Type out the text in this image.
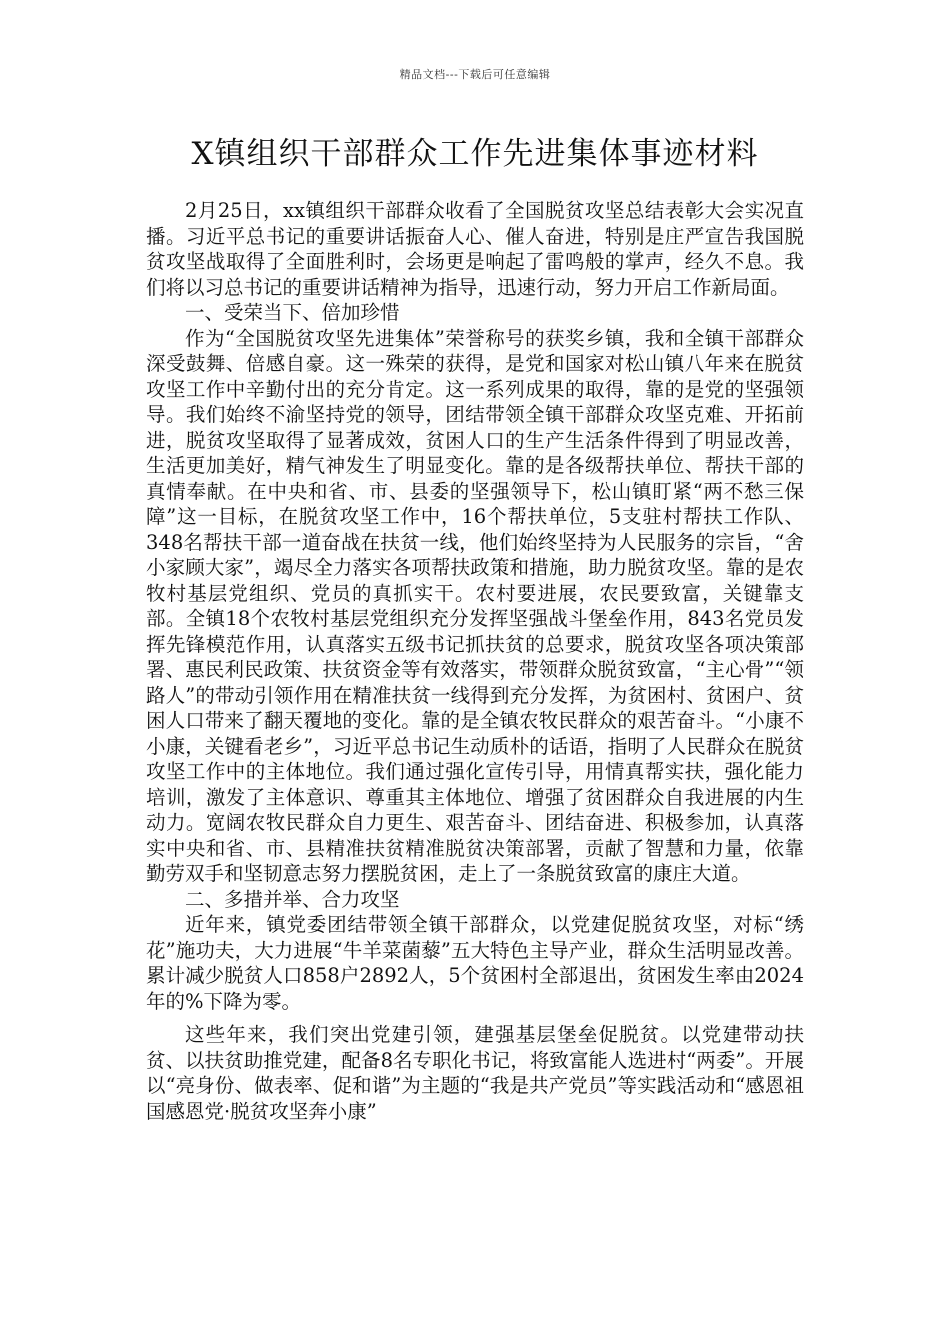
精品文档---下载后可任意编辑
X镇组织干部群众工作先进集体事迹材料

2月25日，xx镇组织干部群众收看了全国脱贫攻坚总结表彰大会实况直播。习近平总书记的重要讲话振奋人心、催人奋进，特别是庄严宣告我国脱贫攻坚战取得了全面胜利时，会场更是响起了雷鸣般的掌声，经久不息。我们将以习总书记的重要讲话精神为指导，迅速行动，努力开启工作新局面。

一、受荣当下、倍加珍惜

作为“全国脱贫攻坚先进集体”荣誉称号的获奖乡镇，我和全镇干部群众深受鼓舞、倍感自豪。这一殊荣的获得，是党和国家对松山镇八年来在脱贫攻坚工作中辛勤付出的充分肯定。这一系列成果的取得，靠的是党的坚强领导。我们始终不渝坚持党的领导，团结带领全镇干部群众攻坚克难、开拓前进，脱贫攻坚取得了显著成效，贫困人口的生产生活条件得到了明显改善，生活更加美好，精气神发生了明显变化。靠的是各级帮扶单位、帮扶干部的真情奉献。在中央和省、市、县委的坚强领导下，松山镇盯紧“两不愁三保障”这一目标，在脱贫攻坚工作中，16个帮扶单位，5支驻村帮扶工作队、348名帮扶干部一道奋战在扶贫一线，他们始终坚持为人民服务的宗旨，“舍小家顾大家”，竭尽全力落实各项帮扶政策和措施，助力脱贫攻坚。靠的是农牧村基层党组织、党员的真抓实干。农村要进展，农民要致富，关键靠支部。全镇18个农牧村基层党组织充分发挥坚强战斗堡垒作用，843名党员发挥先锋模范作用，认真落实五级书记抓扶贫的总要求，脱贫攻坚各项决策部署、惠民利民政策、扶贫资金等有效落实，带领群众脱贫致富，“主心骨”“领路人”的带动引领作用在精准扶贫一线得到充分发挥，为贫困村、贫困户、贫困人口带来了翻天覆地的变化。靠的是全镇农牧民群众的艰苦奋斗。“小康不小康，关键看老乡”，习近平总书记生动质朴的话语，指明了人民群众在脱贫攻坚工作中的主体地位。我们通过强化宣传引导，用情真帮实扶，强化能力培训，激发了主体意识、尊重其主体地位、增强了贫困群众自我进展的内生动力。宽阔农牧民群众自力更生、艰苦奋斗、团结奋进、积极参加，认真落实中央和省、市、县精准扶贫精准脱贫决策部署，贡献了智慧和力量，依靠勤劳双手和坚韧意志努力摆脱贫困，走上了一条脱贫致富的康庄大道。

二、多措并举、合力攻坚

近年来，镇党委团结带领全镇干部群众，以党建促脱贫攻坚，对标“绣花”施功夫，大力进展“牛羊菜菌藜”五大特色主导产业，群众生活明显改善。累计减少脱贫人口858户2892人，5个贫困村全部退出，贫困发生率由2024年的%下降为零。

这些年来，我们突出党建引领，建强基层堡垒促脱贫。以党建带动扶贫、以扶贫助推党建，配备8名专职化书记，将致富能人选进村“两委”。开展以“亮身份、做表率、促和谐”为主题的“我是共产党员”等实践活动和“感恩祖国感恩党·脱贫攻坚奔小康”
